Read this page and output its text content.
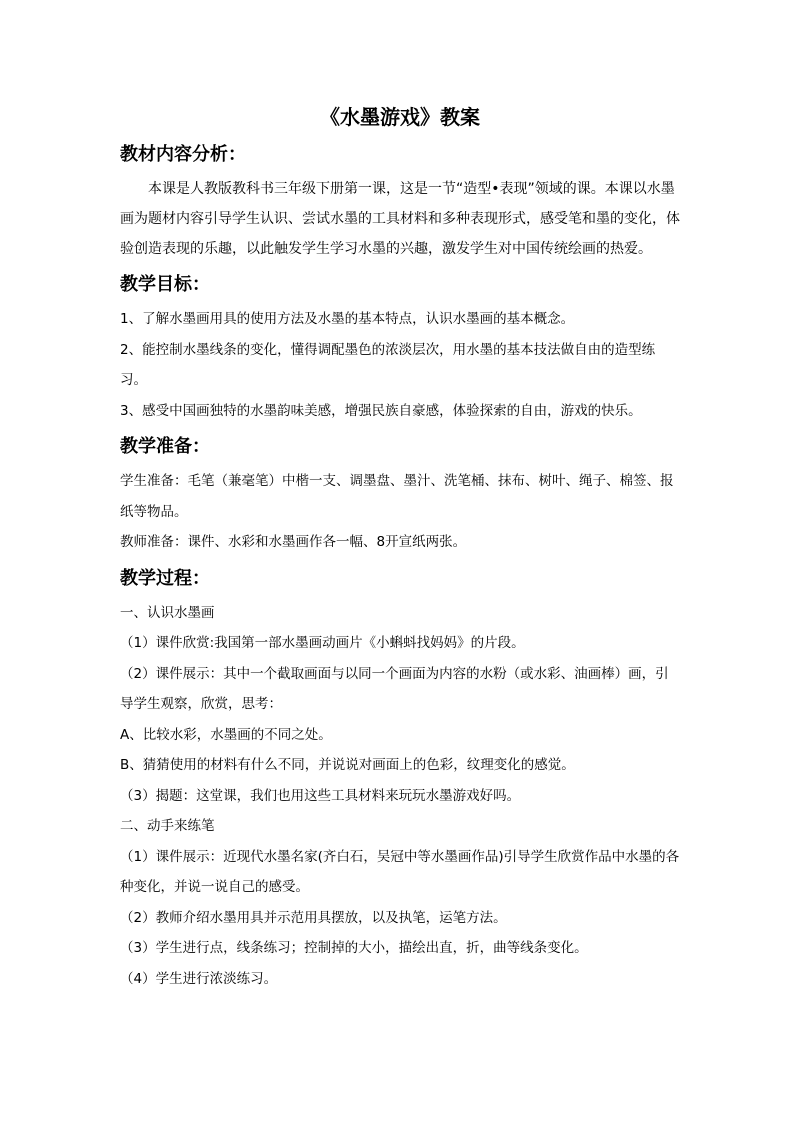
《水墨游戏》教案
教材内容分析：

本课是人教版教科书三年级下册第一课，这是一节“造型•表现”领域的课。本课以水墨画为题材内容引导学生认识、尝试水墨的工具材料和多种表现形式，感受笔和墨的变化，体验创造表现的乐趣，以此触发学生学习水墨的兴趣，激发学生对中国传统绘画的热爱。

教学目标：

1、了解水墨画用具的使用方法及水墨的基本特点，认识水墨画的基本概念。

2、能控制水墨线条的变化，懂得调配墨色的浓淡层次，用水墨的基本技法做自由的造型练习。

3、感受中国画独特的水墨韵味美感，增强民族自豪感，体验探索的自由，游戏的快乐。

教学准备：

学生准备：毛笔（兼毫笔）中楷一支、调墨盘、墨汁、洗笔桶、抹布、树叶、绳子、棉签、报纸等物品。

教师准备：课件、水彩和水墨画作各一幅、8开宣纸两张。

教学过程：

一、认识水墨画

（1）课件欣赏:我国第一部水墨画动画片《小蝌蚪找妈妈》的片段。

（2）课件展示：其中一个截取画面与以同一个画面为内容的水粉（或水彩、油画棒）画，引导学生观察，欣赏，思考：

A、比较水彩，水墨画的不同之处。

B、猜猜使用的材料有什么不同，并说说对画面上的色彩，纹理变化的感觉。

（3）揭题：这堂课，我们也用这些工具材料来玩玩水墨游戏好吗。

二、动手来练笔

（1）课件展示：近现代水墨名家(齐白石，吴冠中等水墨画作品)引导学生欣赏作品中水墨的各种变化，并说一说自己的感受。

（2）教师介绍水墨用具并示范用具摆放，以及执笔，运笔方法。

（3）学生进行点，线条练习；控制掉的大小，描绘出直，折，曲等线条变化。

（4）学生进行浓淡练习。
